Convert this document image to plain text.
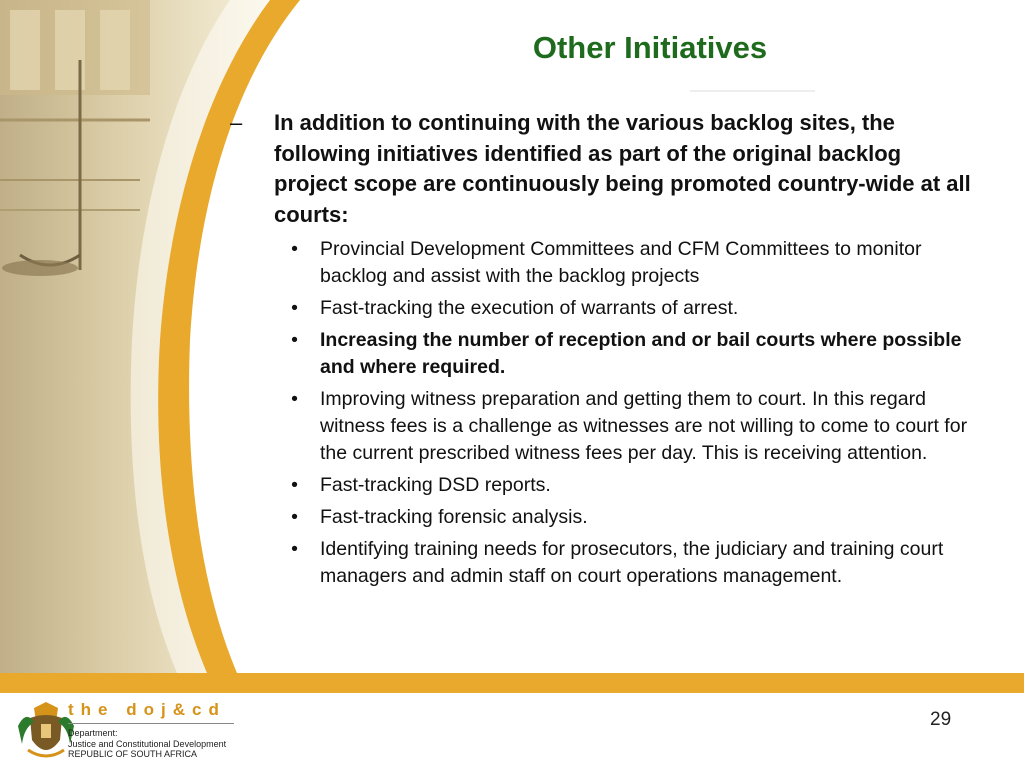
Other Initiatives
–	In addition to continuing with the various backlog sites, the following initiatives identified as part of the original backlog project scope are continuously being promoted country-wide at all courts:
•	Provincial Development Committees and CFM Committees to monitor backlog and assist with the backlog projects
•	Fast-tracking the execution of warrants of arrest.
•	Increasing the number of reception and or bail courts where possible and where required.
•	Improving witness preparation and getting them to court. In this regard witness fees is a challenge as witnesses are not willing to come to court for the current prescribed witness fees per day. This is receiving attention.
•	Fast-tracking DSD reports.
•	Fast-tracking forensic analysis.
•	Identifying training needs for prosecutors, the judiciary and training court managers and admin staff on court operations management.
the doj&cd
Department:
Justice and Constitutional Development
REPUBLIC OF SOUTH AFRICA
29
